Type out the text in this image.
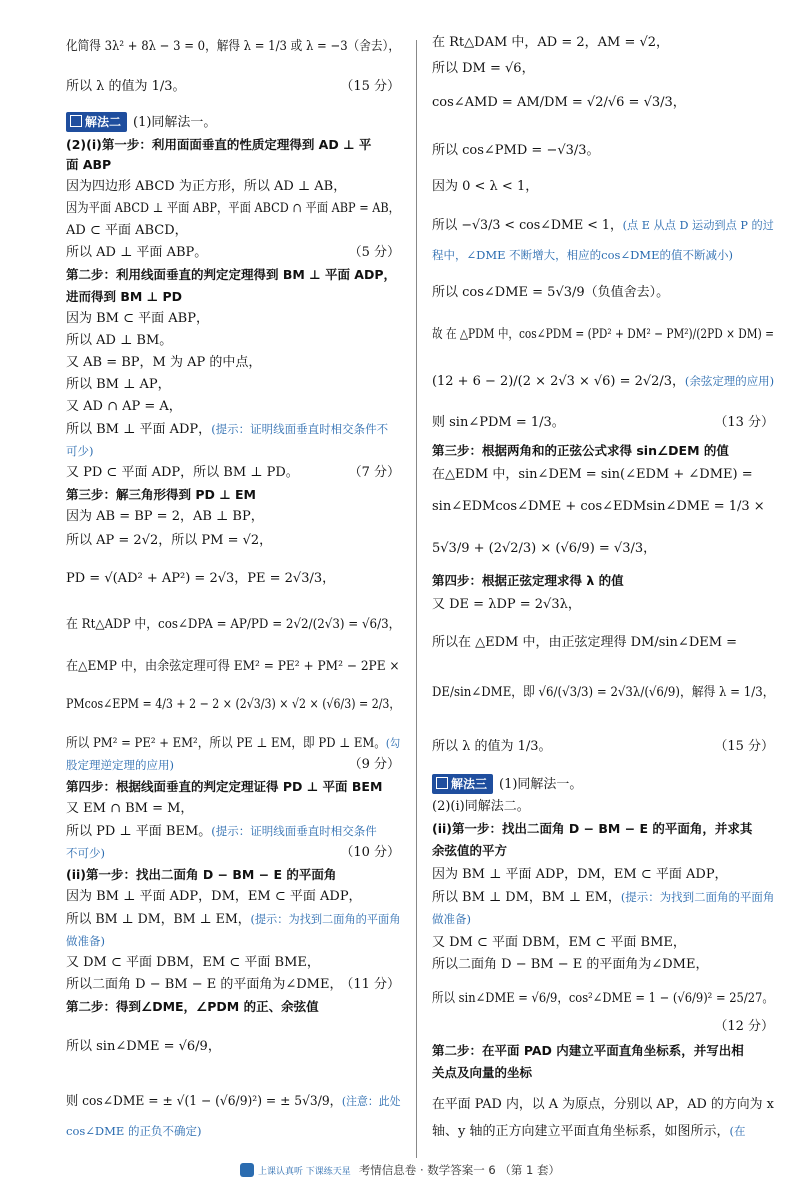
化简得 3λ² + 8λ − 3 = 0，解得 λ = 1/3 或 λ = −3（舍去），
所以 λ 的值为 1/3。	（15 分）
解法二 (1)同解法一。
(2)(i)第一步：利用面面垂直的性质定理得到 AD ⊥ 平
面 ABP
因为四边形 ABCD 为正方形，所以 AD ⊥ AB，
因为平面 ABCD ⊥ 平面 ABP，平面 ABCD ∩ 平面 ABP = AB，
AD ⊂ 平面 ABCD，
所以 AD ⊥ 平面 ABP。	（5 分）
第二步：利用线面垂直的判定定理得到 BM ⊥ 平面 ADP，
进而得到 BM ⊥ PD
因为 BM ⊂ 平面 ABP，
所以 AD ⊥ BM。
又 AB = BP，M 为 AP 的中点，
所以 BM ⊥ AP，
又 AD ∩ AP = A，
所以 BM ⊥ 平面 ADP，(提示：证明线面垂直时相交条件不
可少)
又 PD ⊂ 平面 ADP，所以 BM ⊥ PD。	（7 分）
第三步：解三角形得到 PD ⊥ EM
因为 AB = BP = 2，AB ⊥ BP，
所以 AP = 2√2，所以 PM = √2，
PD = √(AD² + AP²) = 2√3，PE = 2√3/3，
在 Rt△ADP 中，cos∠DPA = AP/PD = 2√2/(2√3) = √6/3，
在△EMP 中，由余弦定理可得 EM² = PE² + PM² − 2PE ×
PMcos∠EPM = 4/3 + 2 − 2 × (2√3/3) × √2 × (√6/3) = 2/3，
所以 PM² = PE² + EM²，所以 PE ⊥ EM，即 PD ⊥ EM。(勾
股定理逆定理的应用)	（9 分）
第四步：根据线面垂直的判定定理证得 PD ⊥ 平面 BEM
又 EM ∩ BM = M，
所以 PD ⊥ 平面 BEM。(提示：证明线面垂直时相交条件
不可少)	（10 分）
(ii)第一步：找出二面角 D − BM − E 的平面角
因为 BM ⊥ 平面 ADP，DM，EM ⊂ 平面 ADP，
所以 BM ⊥ DM，BM ⊥ EM，(提示：为找到二面角的平面角
做准备)
又 DM ⊂ 平面 DBM，EM ⊂ 平面 BME，
所以二面角 D − BM − E 的平面角为∠DME，
（11 分）
第二步：得到∠DME，∠PDM 的正、余弦值
所以 sin∠DME = √6/9，
则 cos∠DME = ± √(1 − (√6/9)²) = ± 5√3/9，(注意：此处
cos∠DME 的正负不确定)
在 Rt△DAM 中，AD = 2，AM = √2，
所以 DM = √6，
cos∠AMD = AM/DM = √2/√6 = √3/3，
所以 cos∠PMD = −√3/3。
因为 0 < λ < 1，
所以 −√3/3 < cos∠DME < 1，(点 E 从点 D 运动到点 P 的过
程中，∠DME 不断增大，相应的cos∠DME的值不断减小)
所以 cos∠DME = 5√3/9（负值舍去）。
故 在 △PDM 中，cos∠PDM = (PD² + DM² − PM²)/(2PD × DM) =
(12 + 6 − 2)/(2 × 2√3 × √6) = 2√2/3，(余弦定理的应用)
则 sin∠PDM = 1/3。	（13 分）
第三步：根据两角和的正弦公式求得 sin∠DEM 的值
在△EDM 中，sin∠DEM = sin(∠EDM + ∠DME) =
sin∠EDMcos∠DME + cos∠EDMsin∠DME = 1/3 ×
5√3/9 + (2√2/3) × (√6/9) = √3/3，
第四步：根据正弦定理求得 λ 的值
又 DE = λDP = 2√3λ，
所以在 △EDM 中，由正弦定理得 DM/sin∠DEM =
DE/sin∠DME，即 √6/(√3/3) = 2√3λ/(√6/9)，解得 λ = 1/3，
所以 λ 的值为 1/3。	（15 分）
解法三 (1)同解法一。
(2)(i)同解法二。
(ii)第一步：找出二面角 D − BM − E 的平面角，并求其
余弦值的平方
因为 BM ⊥ 平面 ADP，DM，EM ⊂ 平面 ADP，
所以 BM ⊥ DM，BM ⊥ EM，(提示：为找到二面角的平面角
做准备)
又 DM ⊂ 平面 DBM，EM ⊂ 平面 BME，
所以二面角 D − BM − E 的平面角为∠DME，
所以 sin∠DME = √6/9，cos²∠DME = 1 − (√6/9)² = 25/27。
（12 分）
第二步：在平面 PAD 内建立平面直角坐标系，并写出相
关点及向量的坐标
在平面 PAD 内，以 A 为原点，分别以 AP，AD 的方向为 x
轴、y 轴的正方向建立平面直角坐标系，如图所示，(在
上课认真听 下课练天星 考情信息卷 · 数学答案一 6 （第 1 套）
